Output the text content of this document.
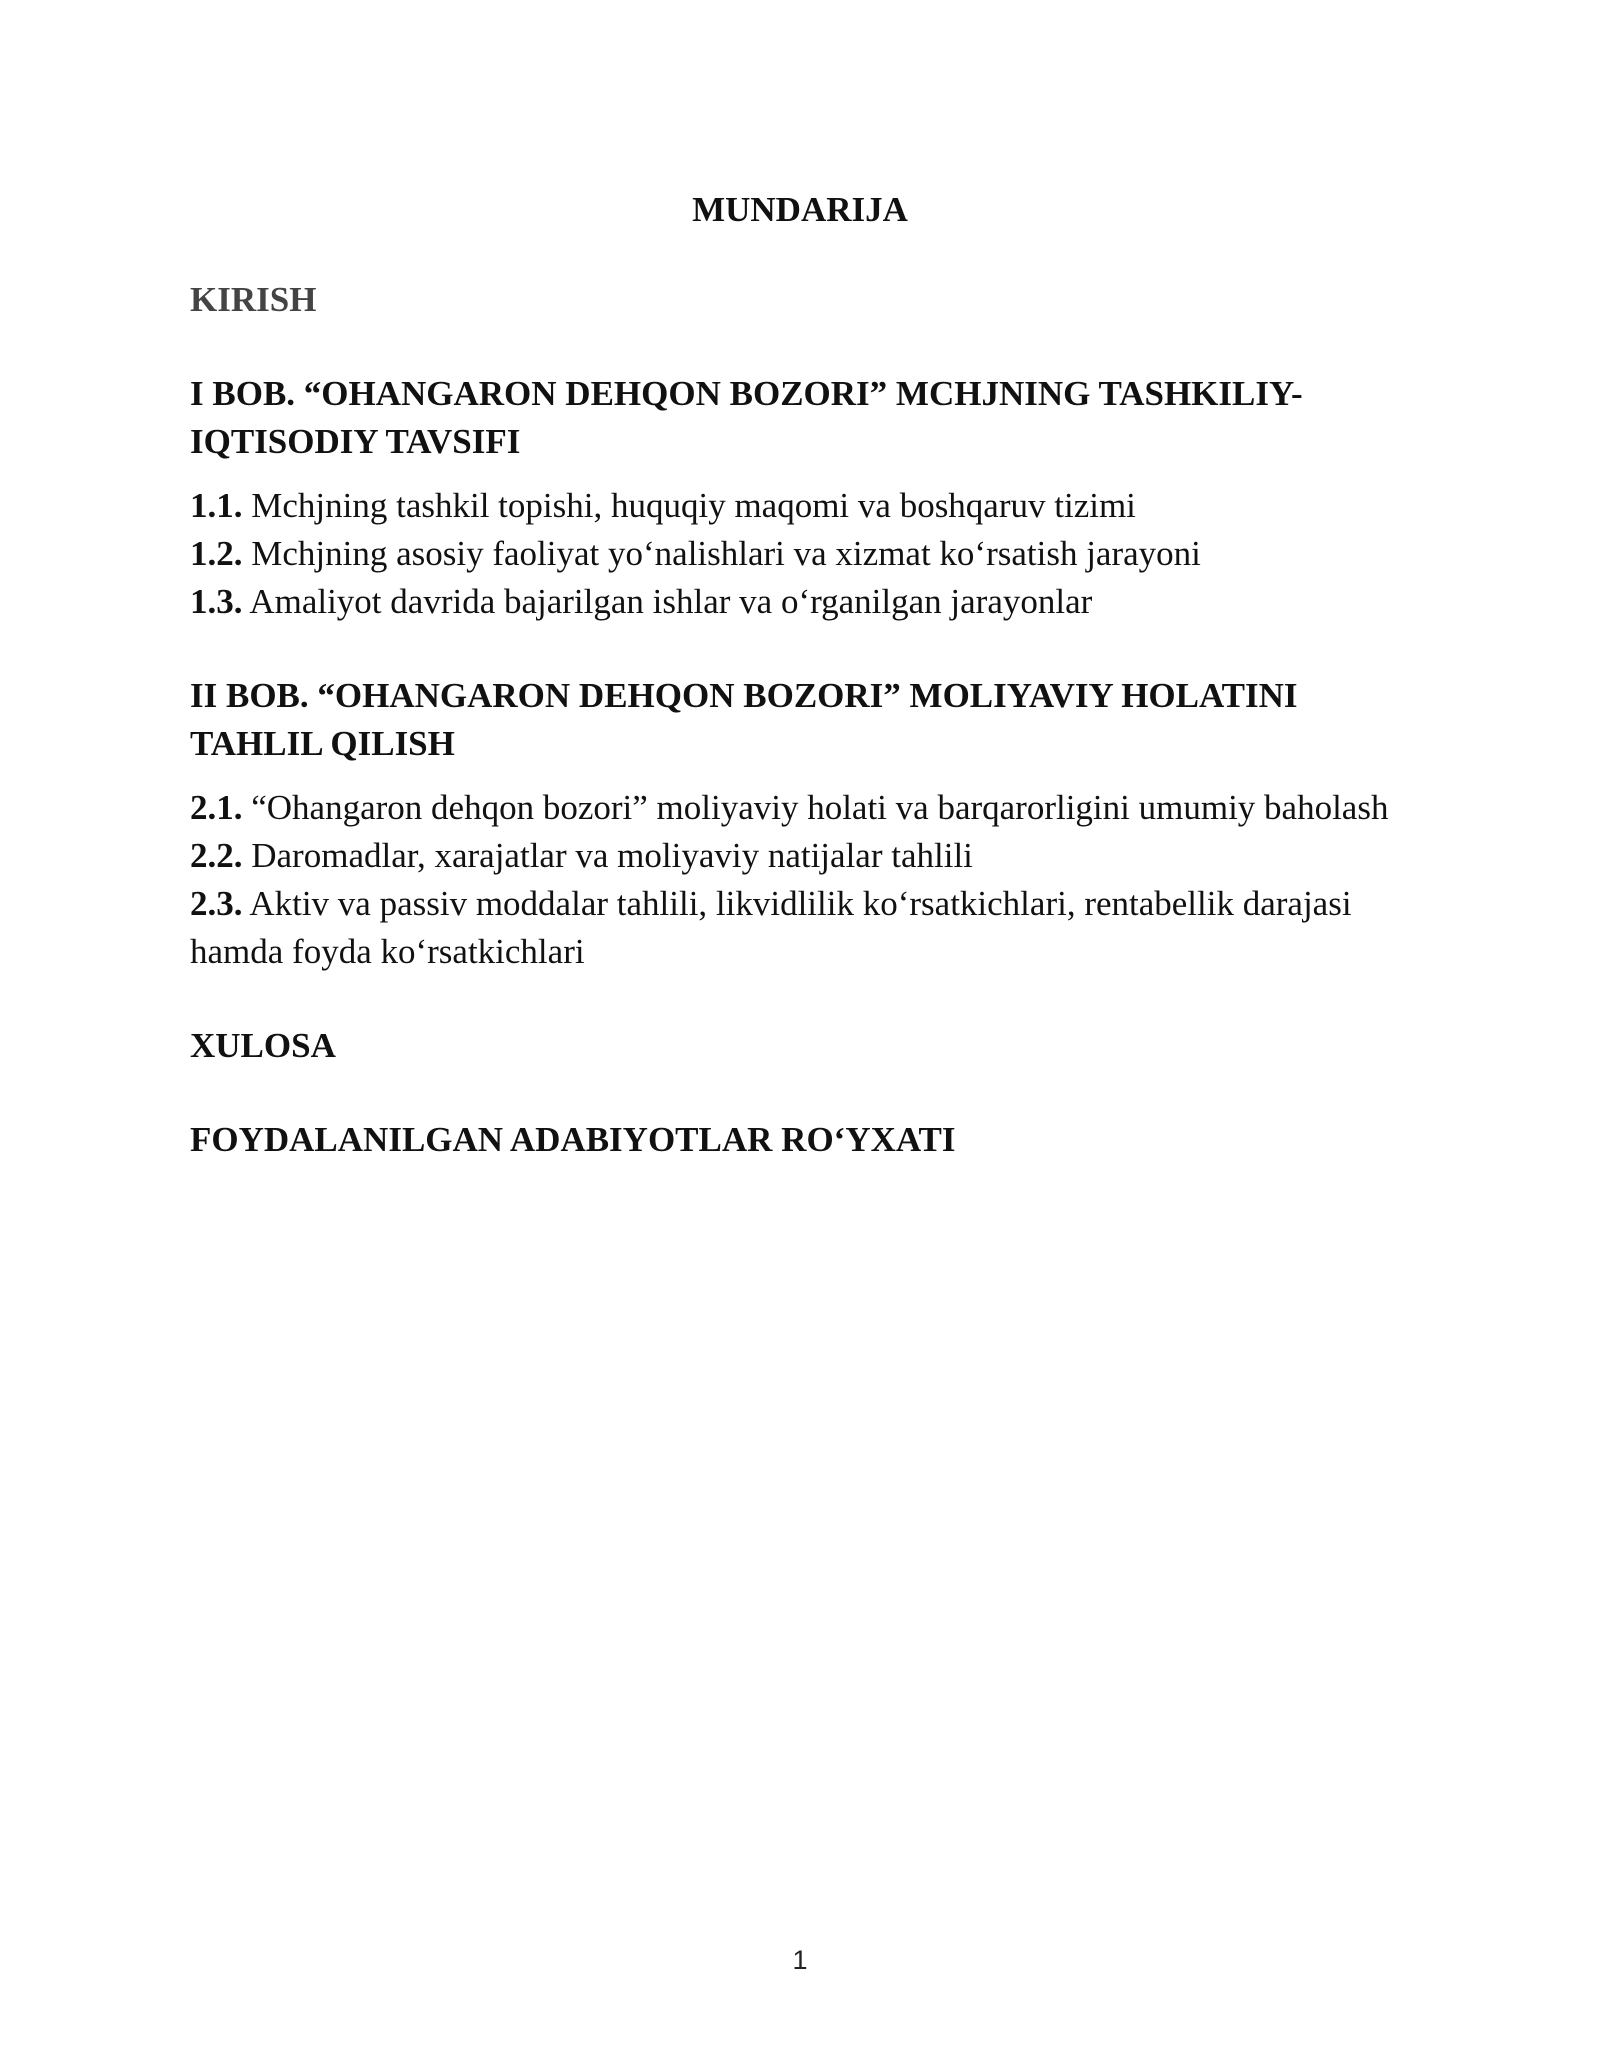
MUNDARIJA

KIRISH

I BOB. “OHANGARON DEHQON BOZORI” MCHJNING TASHKILIY-IQTISODIY TAVSIFI

1.1. Mchjning tashkil topishi, huquqiy maqomi va boshqaruv tizimi

1.2. Mchjning asosiy faoliyat yoʻnalishlari va xizmat koʻrsatish jarayoni

1.3. Amaliyot davrida bajarilgan ishlar va oʻrganilgan jarayonlar

II BOB. “OHANGARON DEHQON BOZORI” MOLIYAVIY HOLATINI TAHLIL QILISH

2.1. “Ohangaron dehqon bozori” moliyaviy holati va barqarorligini umumiy baholash

2.2. Daromadlar, xarajatlar va moliyaviy natijalar tahlili

2.3. Aktiv va passiv moddalar tahlili, likvidlilik koʻrsatkichlari, rentabellik darajasi hamda foyda koʻrsatkichlari

XULOSA

FOYDALANILGAN ADABIYOTLAR ROʻYXATI

1
